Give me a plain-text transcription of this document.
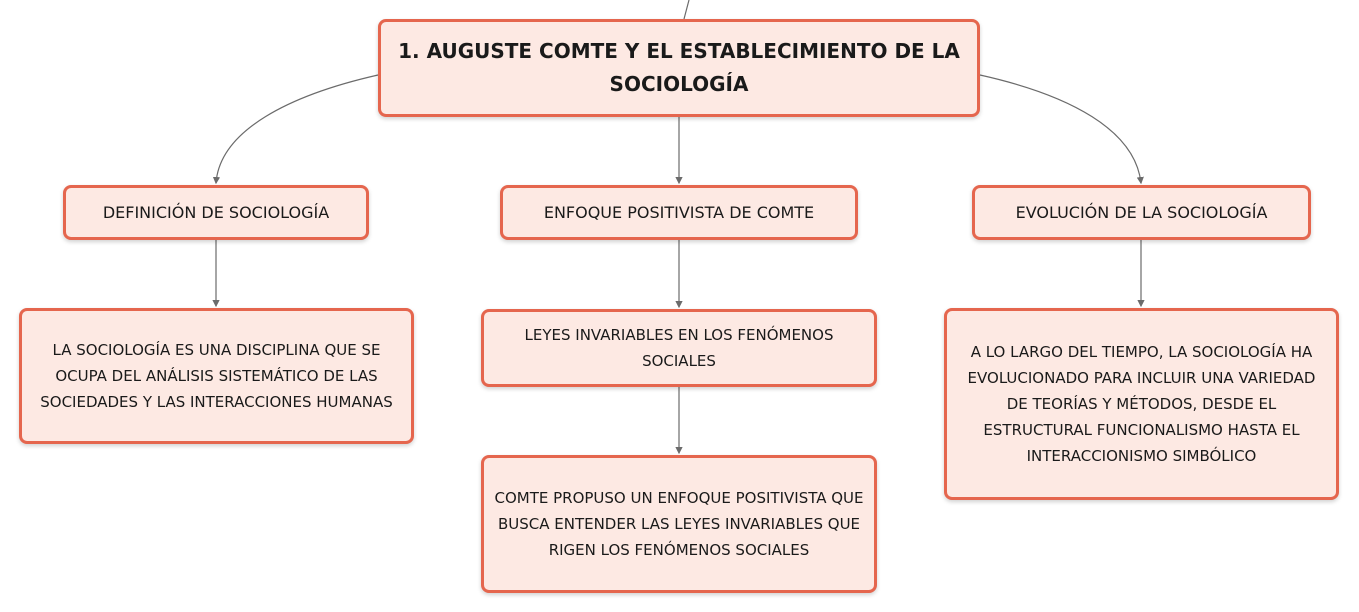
1. AUGUSTE COMTE Y EL ESTABLECIMIENTO DE LA SOCIOLOGÍA
DEFINICIÓN DE SOCIOLOGÍA	ENFOQUE POSITIVISTA DE COMTE	EVOLUCIÓN DE LA SOCIOLOGÍA
LA SOCIOLOGÍA ES UNA DISCIPLINA QUE SE OCUPA DEL ANÁLISIS SISTEMÁTICO DE LAS SOCIEDADES Y LAS INTERACCIONES HUMANAS
LEYES INVARIABLES EN LOS FENÓMENOS SOCIALES
COMTE PROPUSO UN ENFOQUE POSITIVISTA QUE BUSCA ENTENDER LAS LEYES INVARIABLES QUE RIGEN LOS FENÓMENOS SOCIALES
A LO LARGO DEL TIEMPO, LA SOCIOLOGÍA HA EVOLUCIONADO PARA INCLUIR UNA VARIEDAD DE TEORÍAS Y MÉTODOS, DESDE EL ESTRUCTURAL FUNCIONALISMO HASTA EL INTERACCIONISMO SIMBÓLICO
